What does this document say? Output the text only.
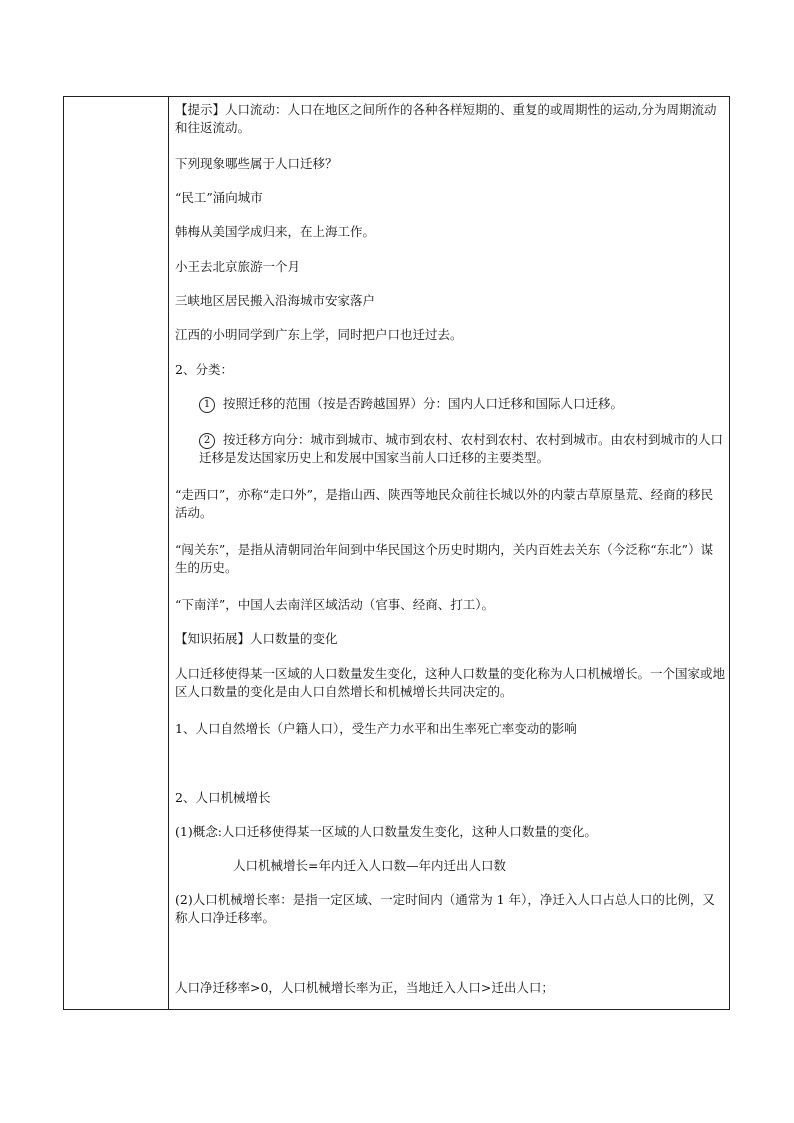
【提示】人口流动：人口在地区之间所作的各种各样短期的、重复的或周期性的运动,分为周期流动和往返流动。

下列现象哪些属于人口迁移？

“民工”涌向城市

韩梅从美国学成归来，在上海工作。

小王去北京旅游一个月

三峡地区居民搬入沿海城市安家落户

江西的小明同学到广东上学，同时把户口也迁过去。

2、分类：

1 按照迁移的范围（按是否跨越国界）分：国内人口迁移和国际人口迁移。

2 按迁移方向分：城市到城市、城市到农村、农村到农村、农村到城市。由农村到城市的人口迁移是发达国家历史上和发展中国家当前人口迁移的主要类型。

“走西口”，亦称“走口外”，是指山西、陕西等地民众前往长城以外的内蒙古草原垦荒、经商的移民活动。

“闯关东”，是指从清朝同治年间到中华民国这个历史时期内，关内百姓去关东（今泛称“东北”）谋生的历史。

“下南洋”，中国人去南洋区域活动（官事、经商、打工）。

【知识拓展】人口数量的变化

人口迁移使得某一区域的人口数量发生变化，这种人口数量的变化称为人口机械增长。一个国家或地区人口数量的变化是由人口自然增长和机械增长共同决定的。

1、人口自然增长（户籍人口），受生产力水平和出生率死亡率变动的影响

2、人口机械增长

(1)概念:人口迁移使得某一区域的人口数量发生变化，这种人口数量的变化。

人口机械增长=年内迁入人口数—年内迁出人口数

(2)人口机械增长率：是指一定区域、一定时间内（通常为 1 年），净迁入人口占总人口的比例，又称人口净迁移率。

人口净迁移率>0，人口机械增长率为正，当地迁入人口>迁出人口；
